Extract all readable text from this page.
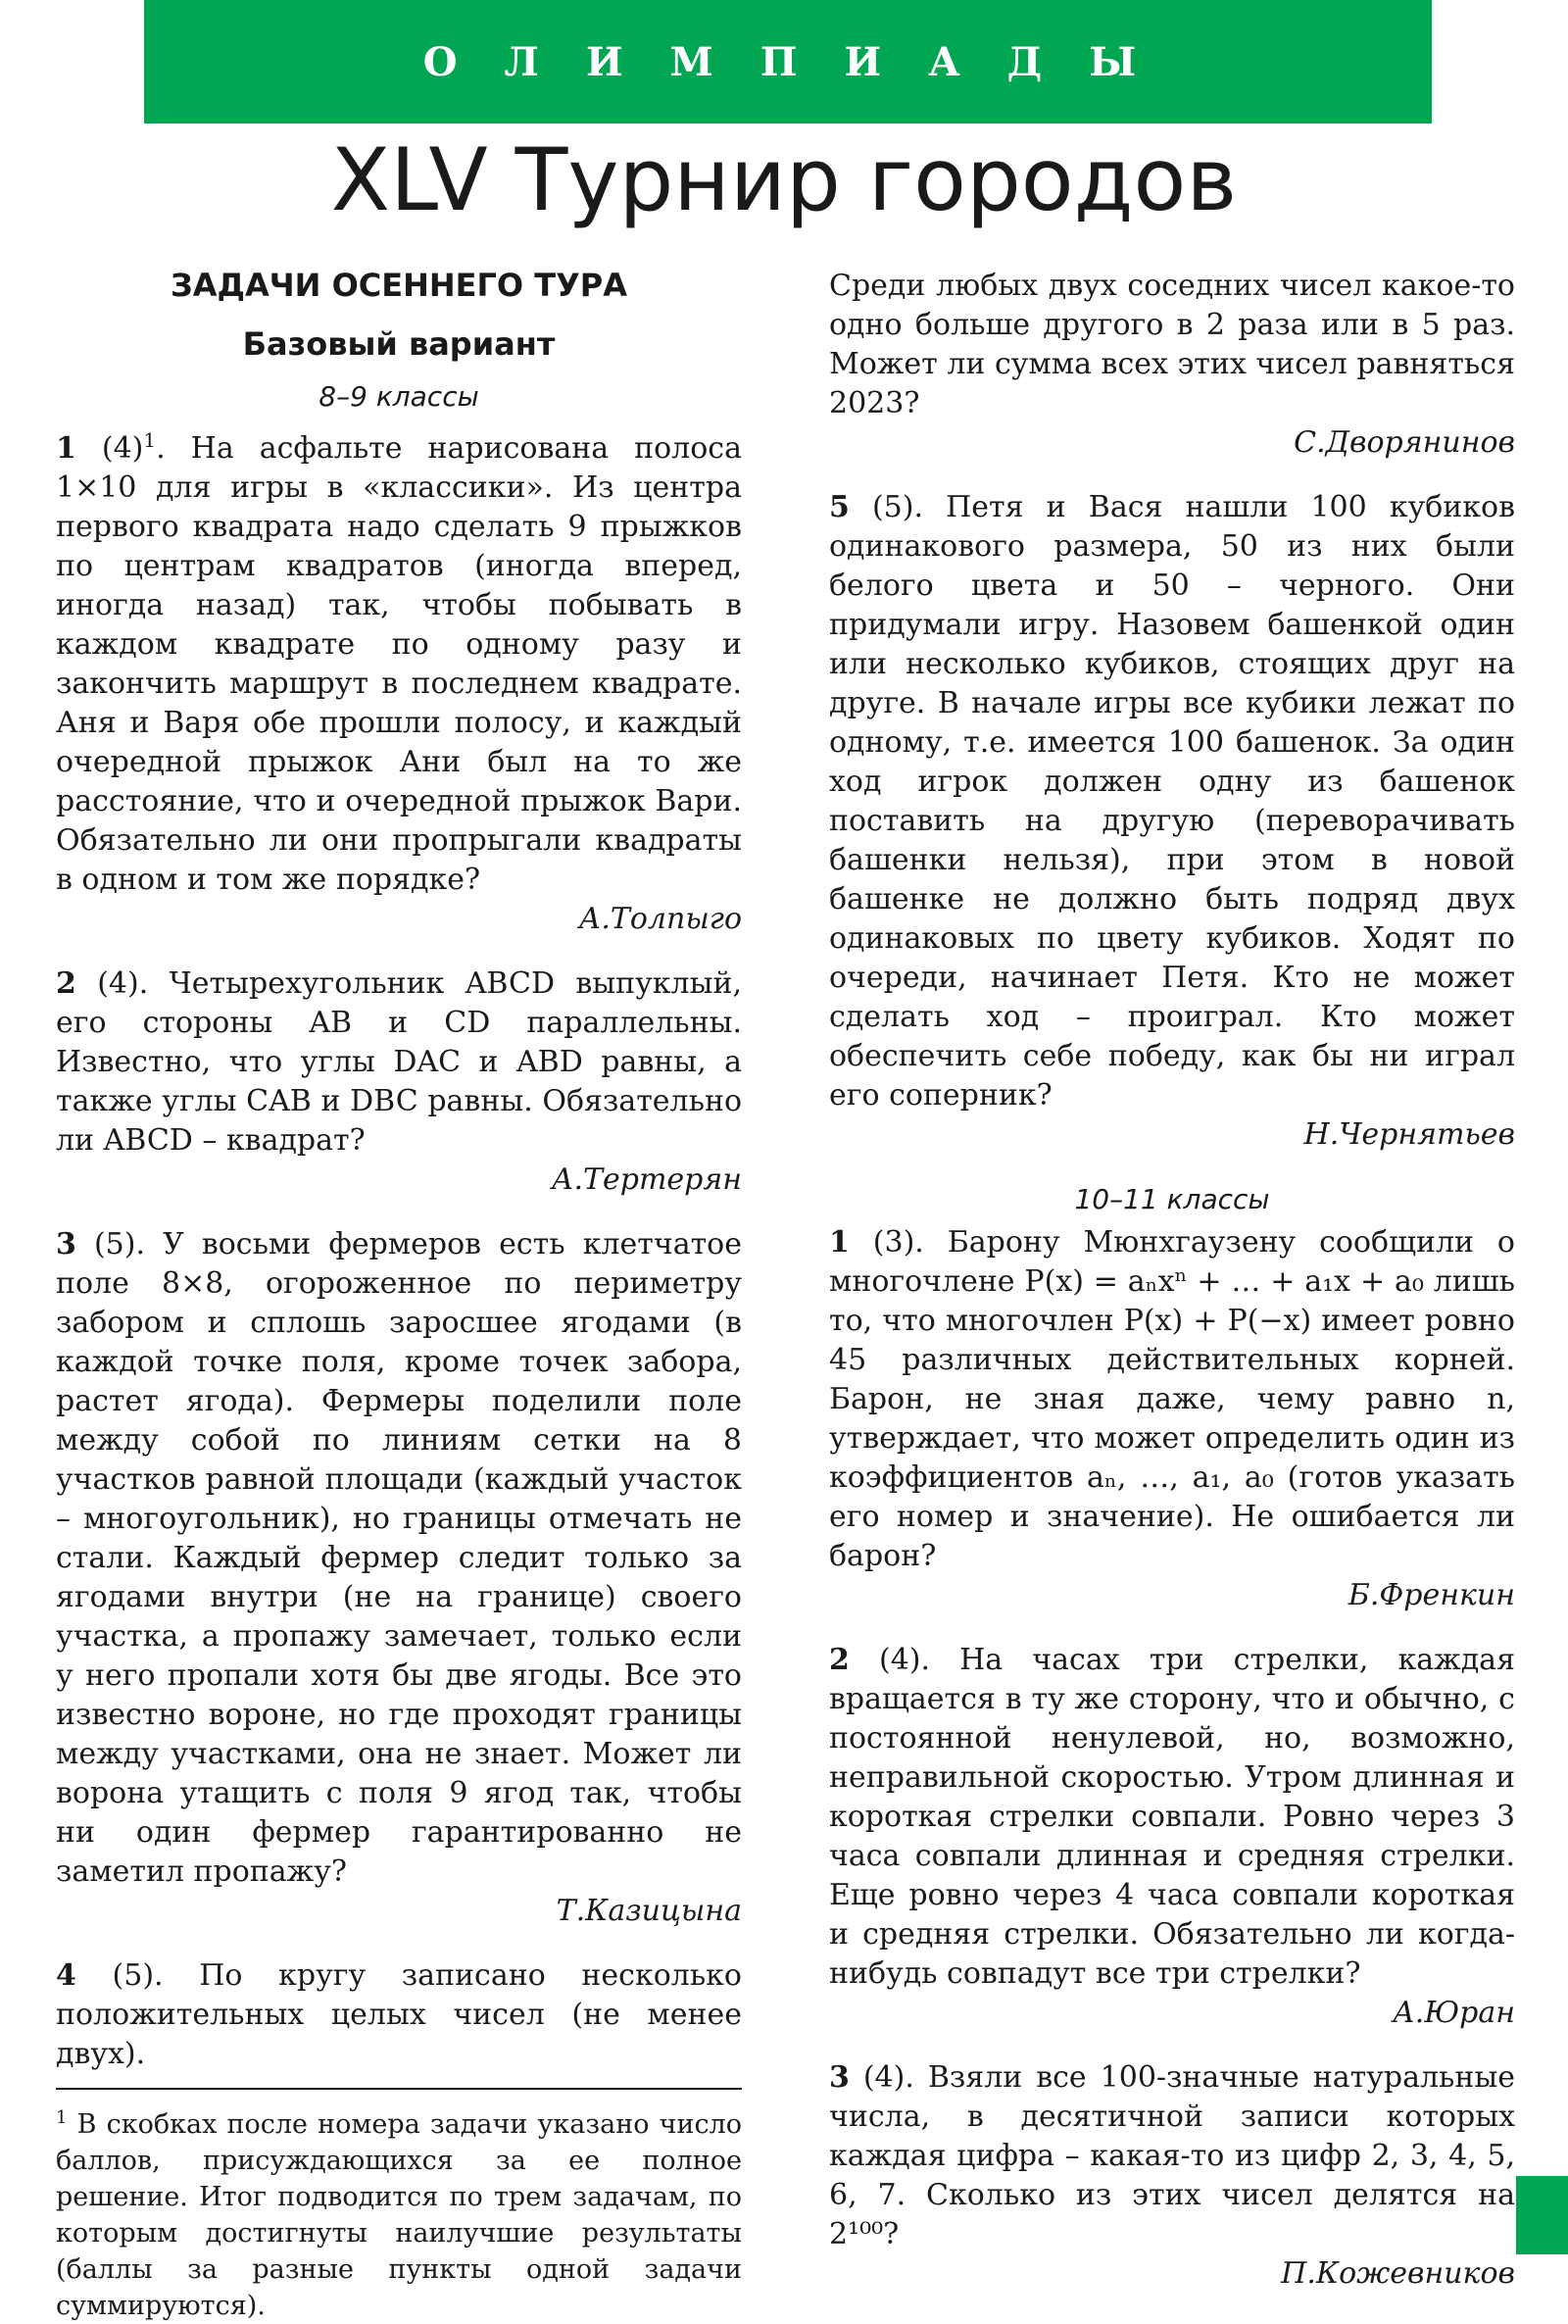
О Л И М П И А Д Ы
XLV Турнир городов
ЗАДАЧИ ОСЕННЕГО ТУРА
Базовый вариант
8–9 классы

1 $(4)^1$. На асфальте нарисована полоса 1×10 для игры в «классики». Из центра первого квадрата надо сделать 9 прыжков по центрам квадратов (иногда вперед, иногда назад) так, чтобы побывать в каждом квадрате по одному разу и закончить маршрут в последнем квадрате. Аня и Варя обе прошли полосу, и каждый очередной прыжок Ани был на то же расстояние, что и очередной прыжок Вари. Обязательно ли они пропрыгали квадраты в одном и том же порядке?

А.Толпыго

2 (4). Четырехугольник ABCD выпуклый, его стороны AB и CD параллельны. Известно, что углы DAC и ABD равны, а также углы CAB и DBC равны. Обязательно ли ABCD – квадрат?

А.Тертерян

3 (5). У восьми фермеров есть клетчатое поле 8×8, огороженное по периметру забором и сплошь заросшее ягодами (в каждой точке поля, кроме точек забора, растет ягода). Фермеры поделили поле между собой по линиям сетки на 8 участков равной площади (каждый участок – многоугольник), но границы отмечать не стали. Каждый фермер следит только за ягодами внутри (не на границе) своего участка, а пропажу замечает, только если у него пропали хотя бы две ягоды. Все это известно вороне, но где проходят границы между участками, она не знает. Может ли ворона утащить с поля 9 ягод так, чтобы ни один фермер гарантированно не заметил пропажу?

Т.Казицына

4 (5). По кругу записано несколько положительных целых чисел (не менее двух).

$^1$ В скобках после номера задачи указано число баллов, присуждающихся за ее полное решение. Итог подводится по трем задачам, по которым достигнуты наилучшие результаты (баллы за разные пункты одной задачи суммируются).

Среди любых двух соседних чисел какое-то одно больше другого в 2 раза или в 5 раз. Может ли сумма всех этих чисел равняться 2023?

С.Дворянинов

5 (5). Петя и Вася нашли 100 кубиков одинакового размера, 50 из них были белого цвета и 50 – черного. Они придумали игру. Назовем башенкой один или несколько кубиков, стоящих друг на друге. В начале игры все кубики лежат по одному, т.е. имеется 100 башенок. За один ход игрок должен одну из башенок поставить на другую (переворачивать башенки нельзя), при этом в новой башенке не должно быть подряд двух одинаковых по цвету кубиков. Ходят по очереди, начинает Петя. Кто не может сделать ход – проиграл. Кто может обеспечить себе победу, как бы ни играл его соперник?

Н.Чернятьев
10–11 классы

1 (3). Барону Мюнхгаузену сообщили о многочлене P(x) = aₙxⁿ + … + a₁x + a₀ лишь то, что многочлен P(x) + P(−x) имеет ровно 45 различных действительных корней. Барон, не зная даже, чему равно n, утверждает, что может определить один из коэффициентов aₙ, …, a₁, a₀ (готов указать его номер и значение). Не ошибается ли барон?

Б.Френкин

2 (4). На часах три стрелки, каждая вращается в ту же сторону, что и обычно, с постоянной ненулевой, но, возможно, неправильной скоростью. Утром длинная и короткая стрелки совпали. Ровно через 3 часа совпали длинная и средняя стрелки. Еще ровно через 4 часа совпали короткая и средняя стрелки. Обязательно ли когда-нибудь совпадут все три стрелки?

А.Юран

3 (4). Взяли все 100-значные натуральные числа, в десятичной записи которых каждая цифра – какая-то из цифр 2, 3, 4, 5, 6, 7. Сколько из этих чисел делятся на 2¹⁰⁰?

П.Кожевников
